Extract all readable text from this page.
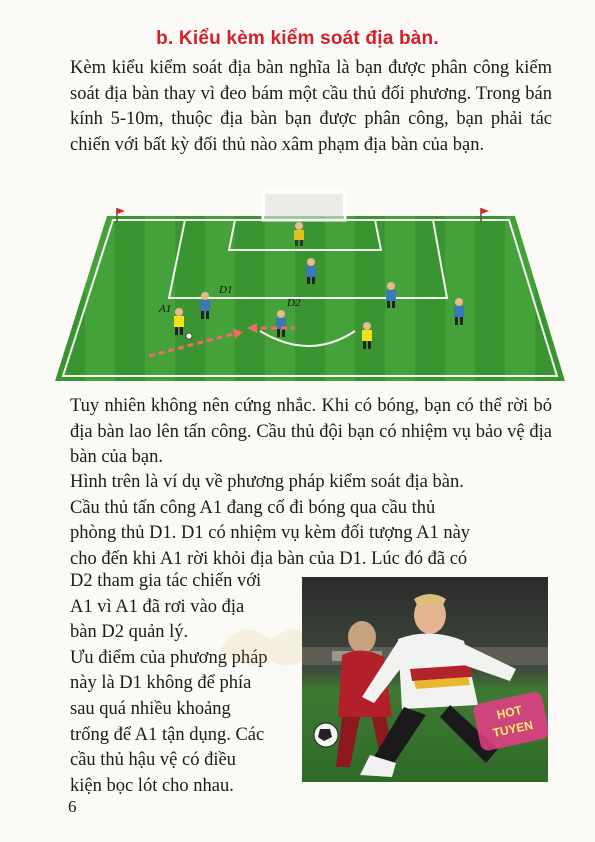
b. Kiểu kèm kiểm soát địa bàn.

Kèm kiểu kiểm soát địa bàn nghĩa là bạn được phân công kiểm soát địa bàn thay vì đeo bám một cầu thủ đối phương. Trong bán kính 5-10m, thuộc địa bàn bạn được phân công, bạn phải tác chiến với bất kỳ đối thủ nào xâm phạm địa bàn của bạn.

A1
D1
D2

Tuy nhiên không nên cứng nhắc. Khi có bóng, bạn có thể rời bỏ địa bàn lao lên tấn công. Cầu thủ đội bạn có nhiệm vụ bảo vệ địa bàn của bạn.

Hình trên là ví dụ về phương pháp kiểm soát địa bàn.
Cầu thủ tấn công A1 đang cố đi bóng qua cầu thủ
phòng thủ D1. D1 có nhiệm vụ kèm đối tượng A1 này
cho đến khi A1 rời khỏi địa bàn của D1. Lúc đó đã có
D2 tham gia tác chiến với
A1 vì A1 đã rơi vào địa
bàn D2 quản lý.
Ưu điểm của phương pháp
này là D1 không để phía
sau quá nhiều khoảng
trống để A1 tận dụng. Các
cầu thủ hậu vệ có điều
kiện bọc lót cho nhau.
HOT
TUYEN
6
